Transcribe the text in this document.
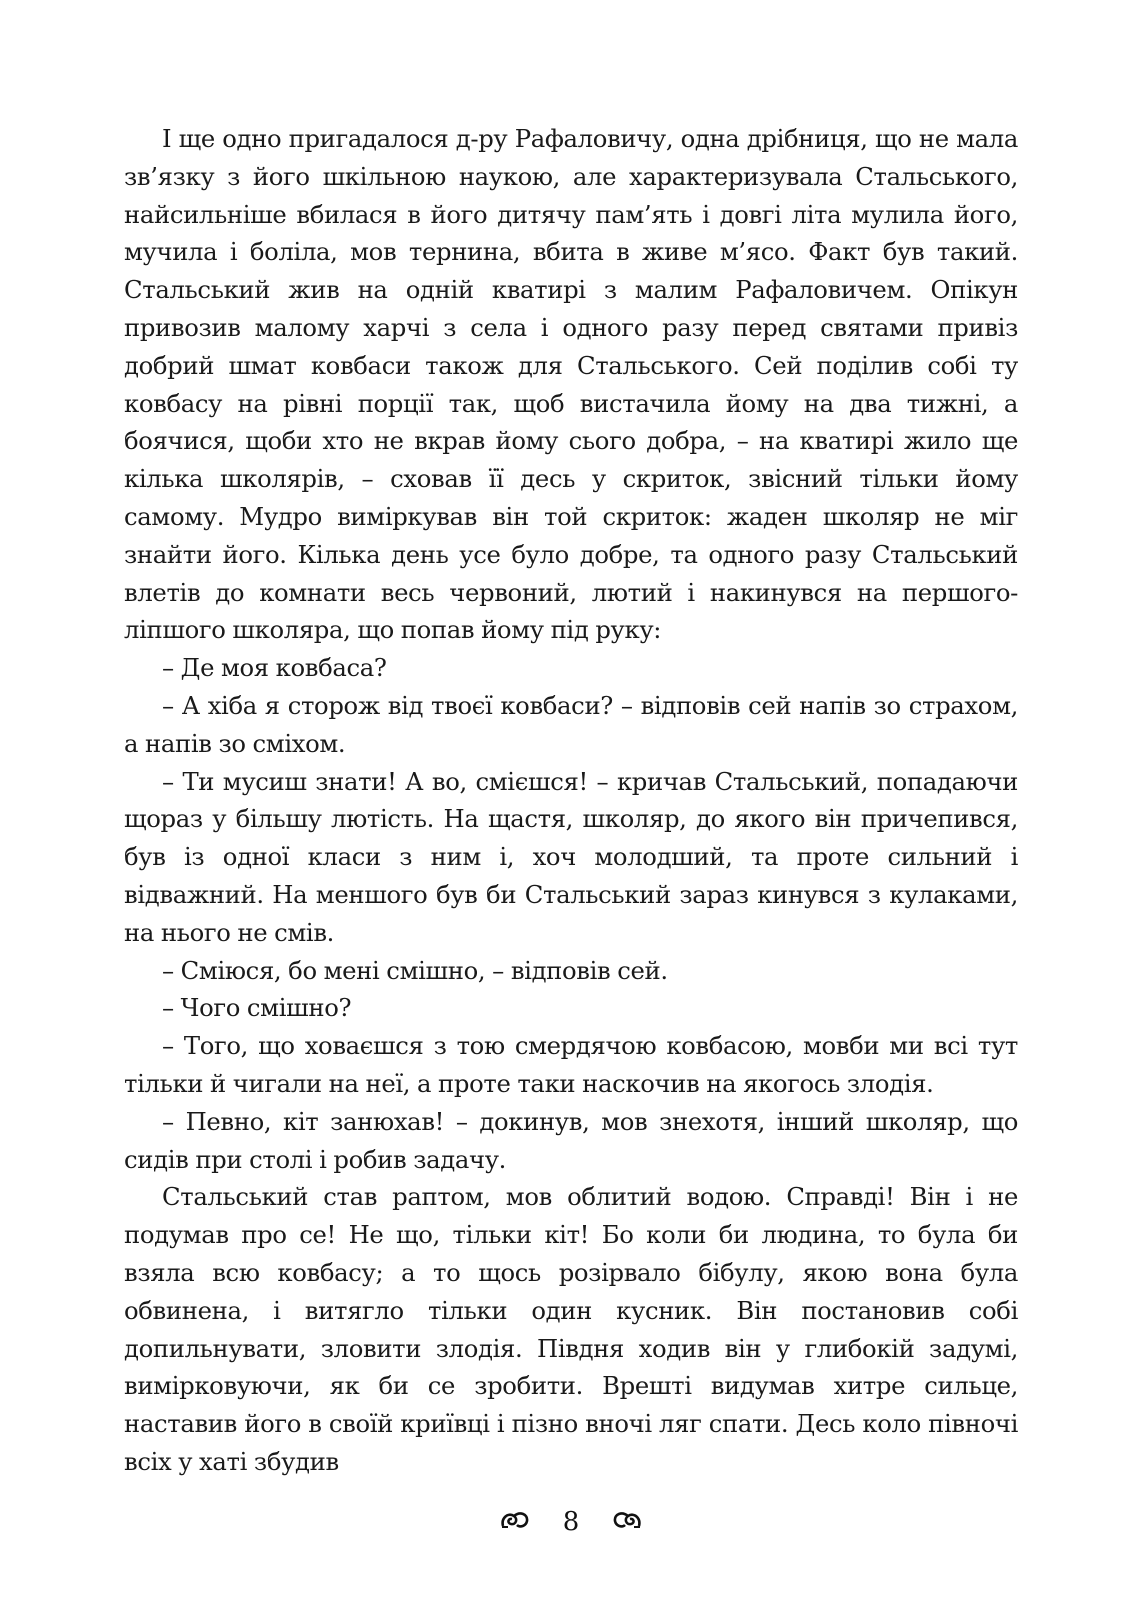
І ще одно пригадалося д-ру Рафаловичу, одна дрібниця, що не мала зв’язку з його шкільною наукою, але характеризувала Стальського, найсильніше вбилася в його дитячу пам’ять і довгі літа мулила його, мучила і боліла, мов тернина, вбита в живе м’ясо. Факт був такий. Стальський жив на одній кватирі з малим Рафаловичем. Опікун привозив малому харчі з села і одного разу перед святами привіз добрий шмат ковбаси також для Стальського. Сей поділив собі ту ковбасу на рівні порції так, щоб вистачила йому на два тижні, а боячися, щоби хто не вкрав йому сього добра, – на кватирі жило ще кілька школярів, – сховав її десь у скриток, звісний тільки йому самому. Мудро виміркував він той скриток: жаден школяр не міг знайти його. Кілька день усе було добре, та одного разу Стальський влетів до комнати весь червоний, лютий і накинувся на першого-ліпшого школяра, що попав йому під руку:

– Де моя ковбаса?

– А хіба я сторож від твоєї ковбаси? – відповів сей напів зо страхом, а напів зо сміхом.

– Ти мусиш знати! А во, смієшся! – кричав Стальський, попадаючи щораз у більшу лютість. На щастя, школяр, до якого він причепився, був із одної класи з ним і, хоч молодший, та проте сильний і відважний. На меншого був би Стальський зараз кинувся з кулаками, на нього не смів.

– Сміюся, бо мені смішно, – відповів сей.

– Чого смішно?

– Того, що ховаєшся з тою смердячою ковбасою, мовби ми всі тут тільки й чигали на неї, а проте таки наскочив на якогось злодія.

– Певно, кіт занюхав! – докинув, мов знехотя, інший школяр, що сидів при столі і робив задачу.

Стальський став раптом, мов облитий водою. Справді! Він і не подумав про се! Не що, тільки кіт! Бо коли би людина, то була би взяла всю ковбасу; а то щось розірвало бібулу, якою вона була обвинена, і витягло тільки один кусник. Він постановив собі допильнувати, зловити злодія. Півдня ходив він у глибокій задумі, вимірковуючи, як би се зробити. Врешті видумав хитре сильце, наставив його в своїй криївці і пізно вночі ляг спати. Десь коло півночі всіх у хаті збудив

8
